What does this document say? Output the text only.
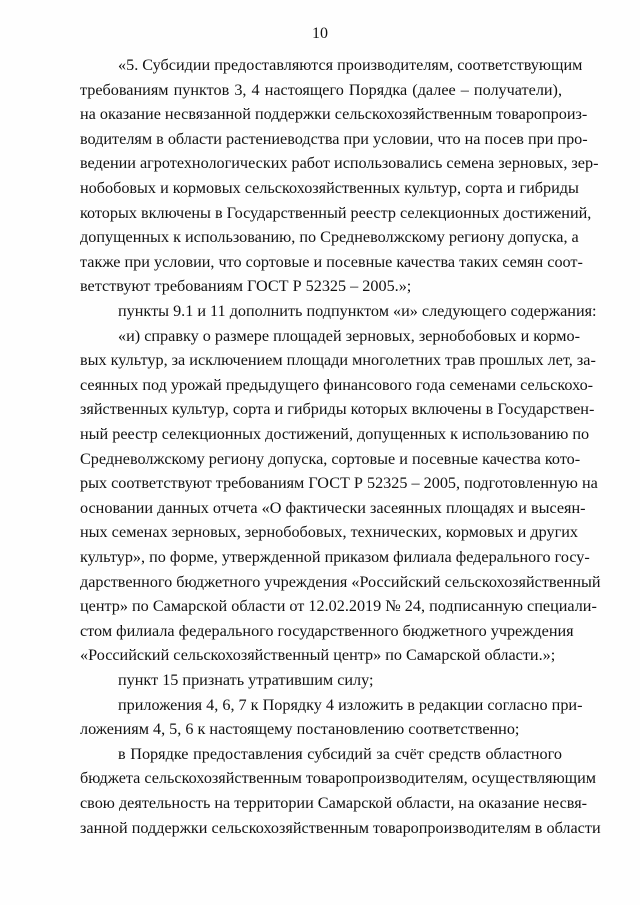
10
«5. Субсидии предоставляются производителям, соответствующим
требованиям пунктов 3, 4 настоящего Порядка (далее – получатели),
на оказание несвязанной поддержки сельскохозяйственным товаропроиз-
водителям в области растениеводства при условии, что на посев при про-
ведении агротехнологических работ использовались семена зерновых, зер-
нобобовых и кормовых сельскохозяйственных культур, сорта и гибриды
которых включены в Государственный реестр селекционных достижений,
допущенных к использованию, по Средневолжскому региону допуска, а
также при условии, что сортовые и посевные качества таких семян соот-
ветствуют требованиям ГОСТ Р 52325 – 2005.»;
пункты 9.1 и 11 дополнить подпунктом «и» следующего содержания:
«и) справку о размере площадей зерновых, зернобобовых и кормо-
вых культур, за исключением площади многолетних трав прошлых лет, за-
сеянных под урожай предыдущего финансового года семенами сельскохо-
зяйственных культур, сорта и гибриды которых включены в Государствен-
ный реестр селекционных достижений, допущенных к использованию по
Средневолжскому региону допуска, сортовые и посевные качества кото-
рых соответствуют требованиям ГОСТ Р 52325 – 2005, подготовленную на
основании данных отчета «О фактически засеянных площадях и высеян-
ных семенах зерновых, зернобобовых, технических, кормовых и других
культур», по форме, утвержденной приказом филиала федерального госу-
дарственного бюджетного учреждения «Российский сельскохозяйственный
центр» по Самарской области от 12.02.2019 № 24, подписанную специали-
стом филиала федерального государственного бюджетного учреждения
«Российский сельскохозяйственный центр» по Самарской области.»;
пункт 15 признать утратившим силу;
приложения 4, 6, 7 к Порядку 4 изложить в редакции согласно при-
ложениям 4, 5, 6 к настоящему постановлению соответственно;
в Порядке предоставления субсидий за счёт средств областного
бюджета сельскохозяйственным товаропроизводителям, осуществляющим
свою деятельность на территории Самарской области, на оказание несвя-
занной поддержки сельскохозяйственным товаропроизводителям в области
